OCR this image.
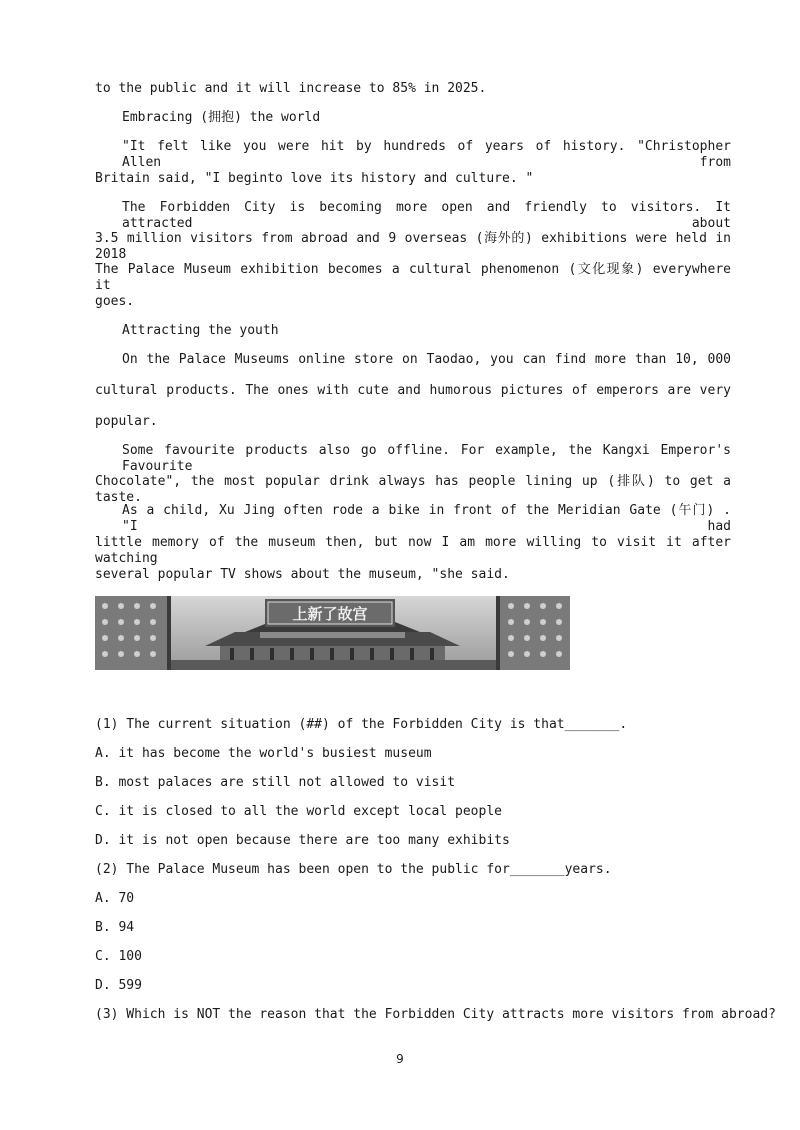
to the public and it will increase to 85% in 2025.
Embracing (拥抱) the world
"It felt like you were hit by hundreds of years of history. "Christopher Allen from
Britain said, "I beginto love its history and culture. "
The Forbidden City is becoming more open and friendly to visitors. It attracted about
3.5 million visitors from abroad and 9 overseas (海外的) exhibitions were held in 2018
The Palace Museum exhibition becomes a cultural phenomenon (文化现象) everywhere it
goes.
Attracting the youth
On the Palace Museums online store on Taodao, you can find more than 10, 000
cultural products. The ones with cute and humorous pictures of emperors are very
popular.
Some favourite products also go offline. For example, the Kangxi Emperor's Favourite
Chocolate", the most popular drink always has people lining up (排队) to get a taste.
As a child, Xu Jing often rode a bike in front of the Meridian Gate (午门) . "I had
little memory of the museum then, but now I am more willing to visit it after watching
several popular TV shows about the museum, "she said.
上新了故宫
(1) The current situation (##) of the Forbidden City is that_______.
A. it has become the world's busiest museum
B. most palaces are still not allowed to visit
C. it is closed to all the world except local people
D. it is not open because there are too many exhibits
(2) The Palace Museum has been open to the public for_______years.
A. 70
B. 94
C. 100
D. 599
(3) Which is NOT the reason that the Forbidden City attracts more visitors from abroad?
9
